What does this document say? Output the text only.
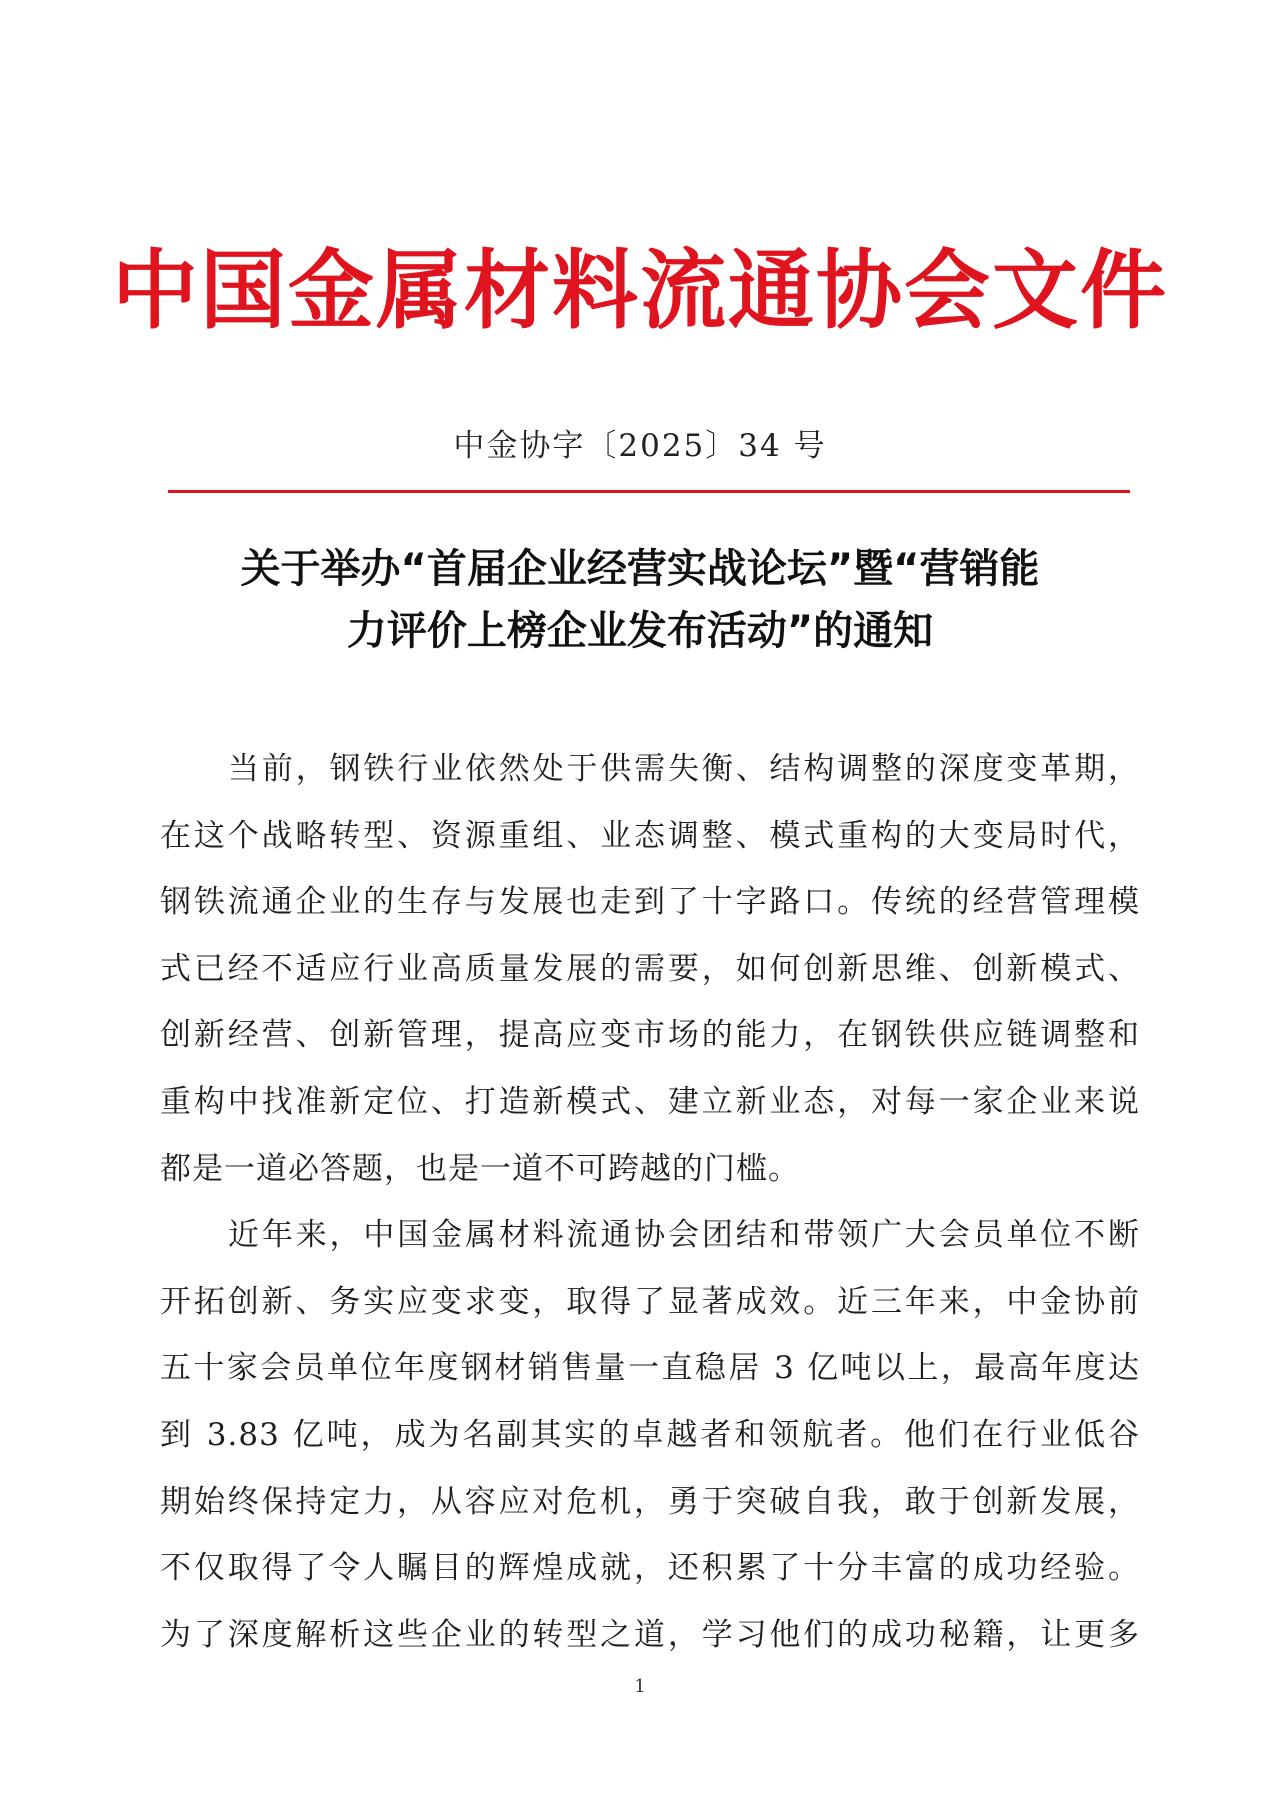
中国金属材料流通协会文件
中金协字〔2025〕34 号
关于举办“首届企业经营实战论坛”暨“营销能
力评价上榜企业发布活动”的通知
当前，钢铁行业依然处于供需失衡、结构调整的深度变革期，
在这个战略转型、资源重组、业态调整、模式重构的大变局时代，
钢铁流通企业的生存与发展也走到了十字路口。传统的经营管理模
式已经不适应行业高质量发展的需要，如何创新思维、创新模式、
创新经营、创新管理，提高应变市场的能力，在钢铁供应链调整和
重构中找准新定位、打造新模式、建立新业态，对每一家企业来说
都是一道必答题，也是一道不可跨越的门槛。
近年来，中国金属材料流通协会团结和带领广大会员单位不断
开拓创新、务实应变求变，取得了显著成效。近三年来，中金协前
五十家会员单位年度钢材销售量一直稳居 3 亿吨以上，最高年度达
到 3.83 亿吨，成为名副其实的卓越者和领航者。他们在行业低谷
期始终保持定力，从容应对危机，勇于突破自我，敢于创新发展，
不仅取得了令人瞩目的辉煌成就，还积累了十分丰富的成功经验。
为了深度解析这些企业的转型之道，学习他们的成功秘籍，让更多
1
